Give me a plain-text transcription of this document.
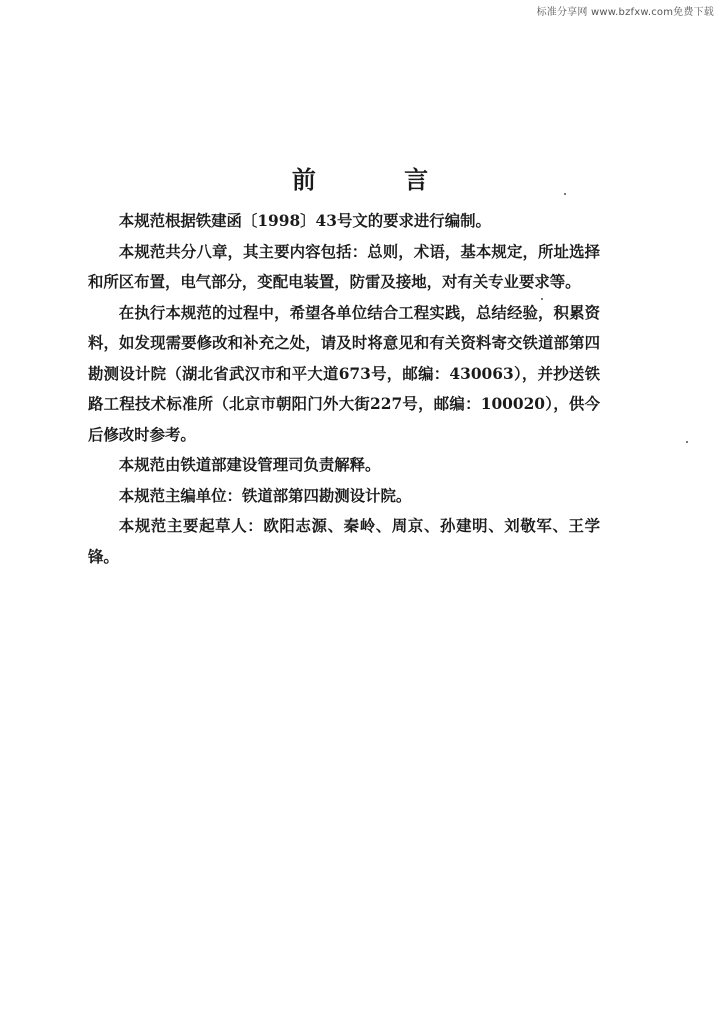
标准分享网 www.bzfxw.com免费下载
前 言

本规范根据铁建函〔1998〕43号文的要求进行编制。

本规范共分八章，其主要内容包括：总则，术语，基本规定，所址选择和所区布置，电气部分，变配电装置，防雷及接地，对有关专业要求等。

在执行本规范的过程中，希望各单位结合工程实践，总结经验，积累资料，如发现需要修改和补充之处，请及时将意见和有关资料寄交铁道部第四勘测设计院（湖北省武汉市和平大道673号，邮编：430063），并抄送铁路工程技术标准所（北京市朝阳门外大街227号，邮编：100020），供今后修改时参考。

本规范由铁道部建设管理司负责解释。

本规范主编单位：铁道部第四勘测设计院。

本规范主要起草人：欧阳志源、秦岭、周京、孙建明、刘敬军、王学锋。
